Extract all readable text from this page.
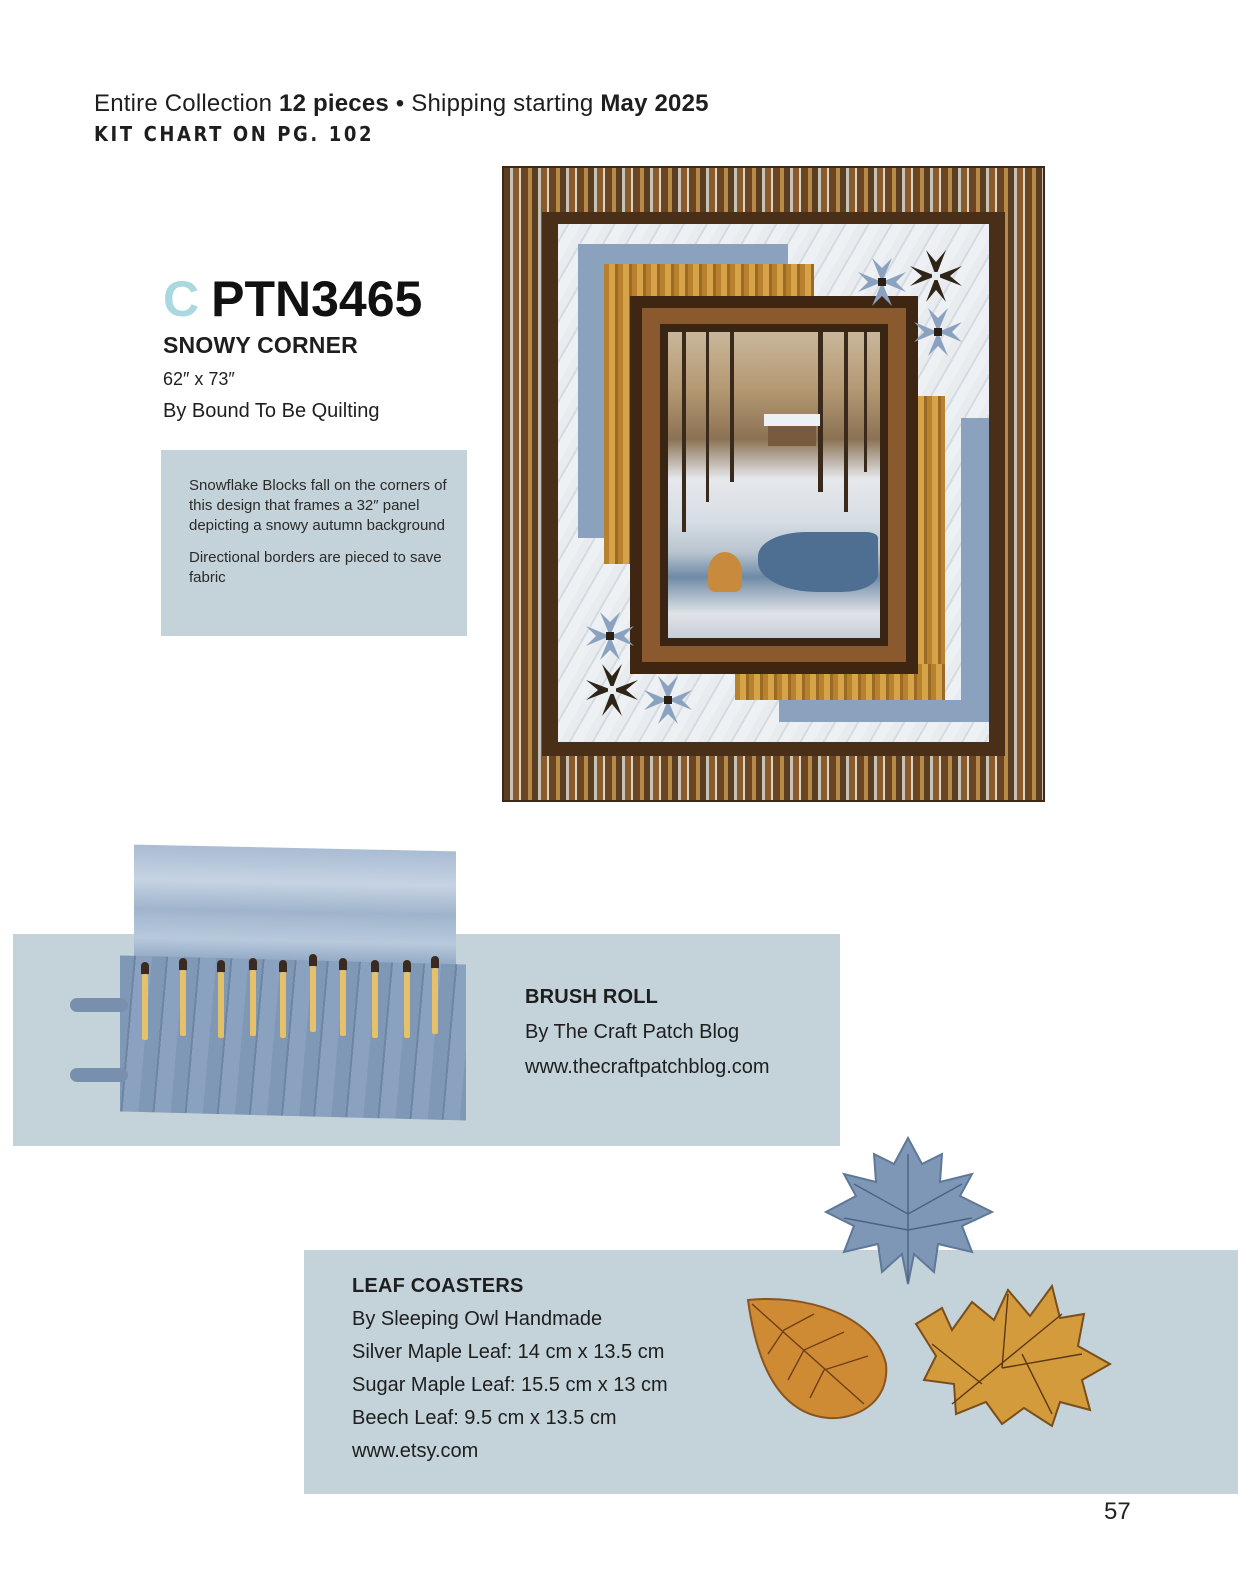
Entire Collection 12 pieces • Shipping starting May 2025
KIT CHART ON PG. 102
C PTN3465
SNOWY CORNER
62″ x 73″
By Bound To Be Quilting

Snowflake Blocks fall on the corners of this design that frames a 32″ panel depicting a snowy autumn background

Directional borders are pieced to save fabric

BRUSH ROLL
By The Craft Patch Blog
www.thecraftpatchblog.com
LEAF COASTERS
By Sleeping Owl Handmade
Silver Maple Leaf: 14 cm x 13.5 cm
Sugar Maple Leaf: 15.5 cm x 13 cm
Beech Leaf: 9.5 cm x 13.5 cm
www.etsy.com
57
